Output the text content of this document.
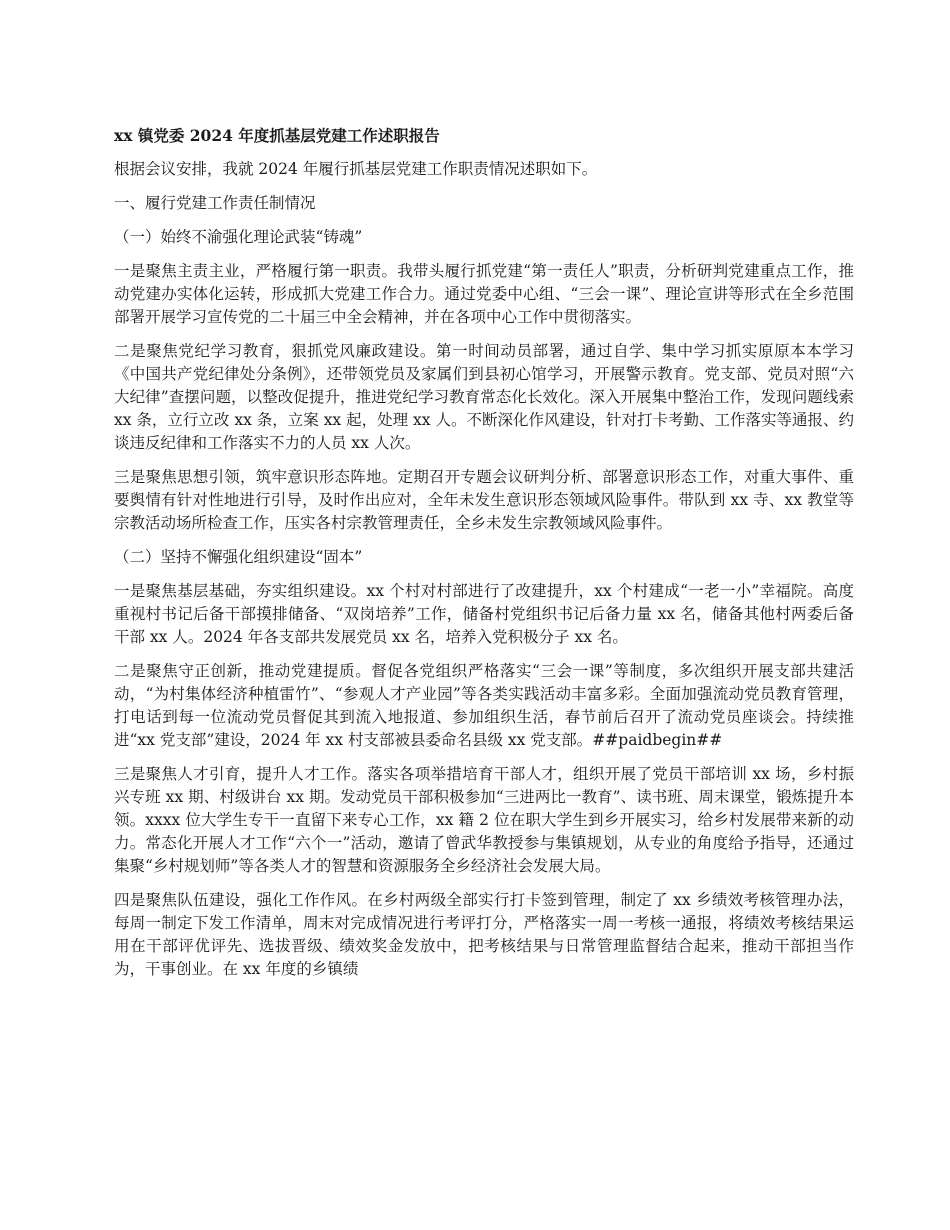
xx 镇党委 2024 年度抓基层党建工作述职报告
根据会议安排，我就 2024 年履行抓基层党建工作职责情况述职如下。
一、履行党建工作责任制情况
（一）始终不渝强化理论武装“铸魂”
一是聚焦主责主业，严格履行第一职责。我带头履行抓党建“第一责任人”职责，分析研判党建重点工作，推动党建办实体化运转，形成抓大党建工作合力。通过党委中心组、“三会一课”、理论宣讲等形式在全乡范围部署开展学习宣传党的二十届三中全会精神，并在各项中心工作中贯彻落实。
二是聚焦党纪学习教育，狠抓党风廉政建设。第一时间动员部署，通过自学、集中学习抓实原原本本学习《中国共产党纪律处分条例》，还带领党员及家属们到县初心馆学习，开展警示教育。党支部、党员对照“六大纪律”查摆问题，以整改促提升，推进党纪学习教育常态化长效化。深入开展集中整治工作，发现问题线索 xx 条，立行立改 xx 条，立案 xx 起，处理 xx 人。不断深化作风建设，针对打卡考勤、工作落实等通报、约谈违反纪律和工作落实不力的人员 xx 人次。
三是聚焦思想引领，筑牢意识形态阵地。定期召开专题会议研判分析、部署意识形态工作，对重大事件、重要舆情有针对性地进行引导，及时作出应对，全年未发生意识形态领域风险事件。带队到 xx 寺、xx 教堂等宗教活动场所检查工作，压实各村宗教管理责任，全乡未发生宗教领域风险事件。
（二）坚持不懈强化组织建设“固本”
一是聚焦基层基础，夯实组织建设。xx 个村对村部进行了改建提升，xx 个村建成“一老一小”幸福院。高度重视村书记后备干部摸排储备、“双岗培养”工作，储备村党组织书记后备力量 xx 名，储备其他村两委后备干部 xx 人。2024 年各支部共发展党员 xx 名，培养入党积极分子 xx 名。
二是聚焦守正创新，推动党建提质。督促各党组织严格落实“三会一课”等制度，多次组织开展支部共建活动，“为村集体经济种植雷竹”、“参观人才产业园”等各类实践活动丰富多彩。全面加强流动党员教育管理，打电话到每一位流动党员督促其到流入地报道、参加组织生活，春节前后召开了流动党员座谈会。持续推进“xx 党支部”建设，2024 年 xx 村支部被县委命名县级 xx 党支部。##paidbegin##
三是聚焦人才引育，提升人才工作。落实各项举措培育干部人才，组织开展了党员干部培训 xx 场，乡村振兴专班 xx 期、村级讲台 xx 期。发动党员干部积极参加“三进两比一教育”、读书班、周末课堂，锻炼提升本领。xxxx 位大学生专干一直留下来专心工作，xx 籍 2 位在职大学生到乡开展实习，给乡村发展带来新的动力。常态化开展人才工作“六个一”活动，邀请了曾武华教授参与集镇规划，从专业的角度给予指导，还通过集聚“乡村规划师”等各类人才的智慧和资源服务全乡经济社会发展大局。
四是聚焦队伍建设，强化工作作风。在乡村两级全部实行打卡签到管理，制定了 xx 乡绩效考核管理办法，每周一制定下发工作清单，周末对完成情况进行考评打分，严格落实一周一考核一通报，将绩效考核结果运用在干部评优评先、选拔晋级、绩效奖金发放中，把考核结果与日常管理监督结合起来，推动干部担当作为，干事创业。在 xx 年度的乡镇绩
